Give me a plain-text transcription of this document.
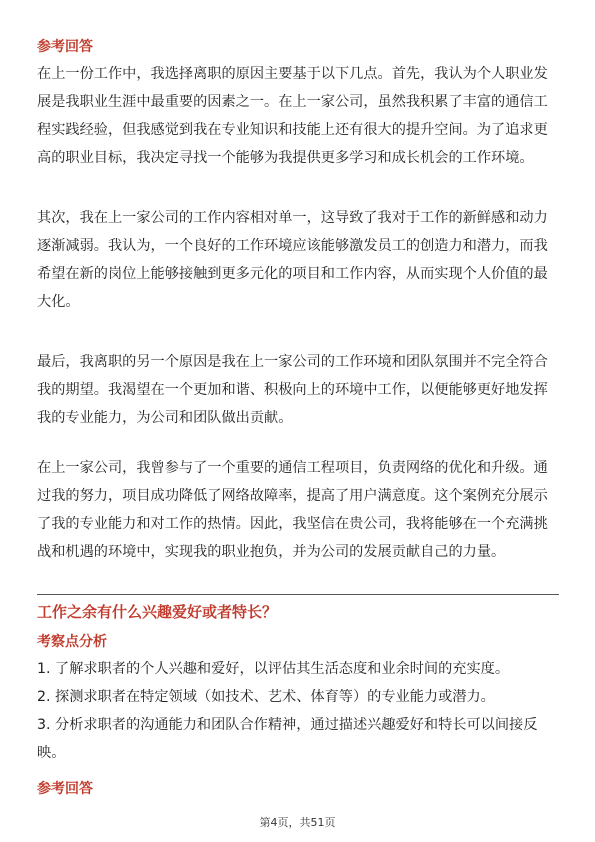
参考回答
在上一份工作中，我选择离职的原因主要基于以下几点。首先，我认为个人职业发
展是我职业生涯中最重要的因素之一。在上一家公司，虽然我积累了丰富的通信工
程实践经验，但我感觉到我在专业知识和技能上还有很大的提升空间。为了追求更
高的职业目标，我决定寻找一个能够为我提供更多学习和成长机会的工作环境。
其次，我在上一家公司的工作内容相对单一，这导致了我对于工作的新鲜感和动力
逐渐减弱。我认为，一个良好的工作环境应该能够激发员工的创造力和潜力，而我
希望在新的岗位上能够接触到更多元化的项目和工作内容，从而实现个人价值的最
大化。
最后，我离职的另一个原因是我在上一家公司的工作环境和团队氛围并不完全符合
我的期望。我渴望在一个更加和谐、积极向上的环境中工作，以便能够更好地发挥
我的专业能力，为公司和团队做出贡献。
在上一家公司，我曾参与了一个重要的通信工程项目，负责网络的优化和升级。通
过我的努力，项目成功降低了网络故障率，提高了用户满意度。这个案例充分展示
了我的专业能力和对工作的热情。因此，我坚信在贵公司，我将能够在一个充满挑
战和机遇的环境中，实现我的职业抱负，并为公司的发展贡献自己的力量。
工作之余有什么兴趣爱好或者特长？
考察点分析
1. 了解求职者的个人兴趣和爱好，以评估其生活态度和业余时间的充实度。
2. 探测求职者在特定领域（如技术、艺术、体育等）的专业能力或潜力。
3. 分析求职者的沟通能力和团队合作精神，通过描述兴趣爱好和特长可以间接反
映。
参考回答
第4页，共51页
